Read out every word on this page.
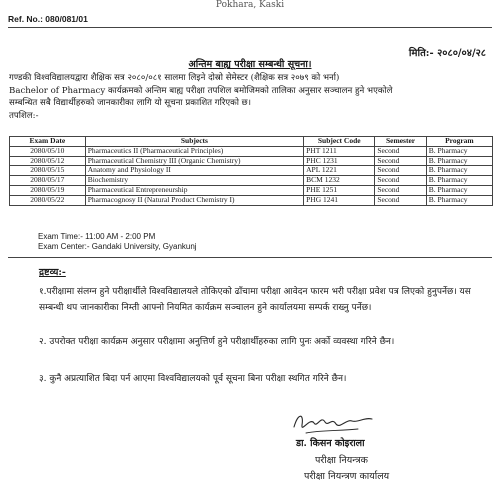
Pokhara, Kaski
Ref. No.: 080/081/01
मिति:- २०८०/०४/२८
अन्तिम बाह्य परीक्षा सम्बन्धी सूचना।

गण्डकी विश्वविद्यालयद्वारा शैक्षिक सत्र २०८०/०८१ सालमा लिइने दोस्रो सेमेस्टर (शैक्षिक सत्र २०७९ को भर्ना)

Bachelor of Pharmacy कार्यक्रमको अन्तिम बाह्य परीक्षा तपशिल बमोजिमको तालिका अनुसार सञ्चालन हुने भएकोले

सम्बन्धित सबै विद्यार्थीहरुको जानकारीका लागि यो सूचना प्रकाशित गरिएको छ।

तपशिल:-

Exam Date	Subjects	Subject Code	Semester	Program
2080/05/10	Pharmaceutics II (Pharmaceutical Principles)	PHT 1211	Second	B. Pharmacy
2080/05/12	Pharmaceutical Chemistry III (Organic Chemistry)	PHC 1231	Second	B. Pharmacy
2080/05/15	Anatomy and Physiology II	APL 1221	Second	B. Pharmacy
2080/05/17	Biochemistry	BCM 1232	Second	B. Pharmacy
2080/05/19	Pharmaceutical Entrepreneurship	PHE 1251	Second	B. Pharmacy
2080/05/22	Pharmacognosy II (Natural Product Chemistry I)	PHG 1241	Second	B. Pharmacy
Exam Time:- 11:00 AM - 2:00 PM
Exam Center:- Gandaki University, Gyankunj
द्रष्टव्य:-
१.परीक्षामा संलग्न हुने परीक्षार्थीले विश्वविद्यालयले तोकिएको ढाँचामा परीक्षा आवेदन फारम भरी परीक्षा प्रवेश पत्र लिएको हुनुपर्नेछ। यस सम्बन्धी थप जानकारीका निम्ती आफ्नो नियमित कार्यक्रम सञ्चालन हुने कार्यालयमा सम्पर्क राख्नु पर्नेछ।
२. उपरोक्त परीक्षा कार्यक्रम अनुसार परीक्षामा अनुत्तिर्ण हुने परीक्षार्थीहरुका लागि पुनः अर्को व्यवस्था गरिने छैन।
३. कुनै अप्रत्याशित बिदा पर्न आएमा विश्वविद्यालयको पूर्व सूचना बिना परीक्षा स्थगित गरिने छैन।
डा. किसन कोइराला
परीक्षा नियन्त्रक
परीक्षा नियन्त्रण कार्यालय
